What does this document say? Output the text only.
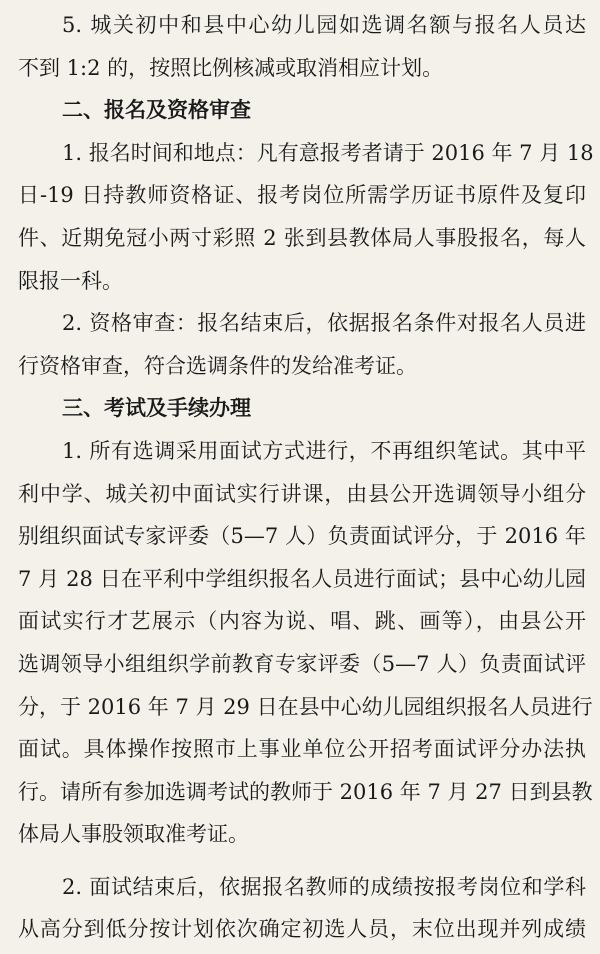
5. 城关初中和县中心幼儿园如选调名额与报名人员达
不到 1:2 的，按照比例核减或取消相应计划。
二、报名及资格审查
1. 报名时间和地点：凡有意报考者请于 2016 年 7 月 18
日-19 日持教师资格证、报考岗位所需学历证书原件及复印
件、近期免冠小两寸彩照 2 张到县教体局人事股报名，每人
限报一科。
2. 资格审查：报名结束后，依据报名条件对报名人员进
行资格审查，符合选调条件的发给准考证。
三、考试及手续办理
1. 所有选调采用面试方式进行，不再组织笔试。其中平
利中学、城关初中面试实行讲课，由县公开选调领导小组分
别组织面试专家评委（5—7 人）负责面试评分，于 2016 年
7 月 28 日在平利中学组织报名人员进行面试；县中心幼儿园
面试实行才艺展示（内容为说、唱、跳、画等），由县公开
选调领导小组组织学前教育专家评委（5—7 人）负责面试评
分，于 2016 年 7 月 29 日在县中心幼儿园组织报名人员进行
面试。具体操作按照市上事业单位公开招考面试评分办法执
行。请所有参加选调考试的教师于 2016 年 7 月 27 日到县教
体局人事股领取准考证。
2. 面试结束后，依据报名教师的成绩按报考岗位和学科
从高分到低分按计划依次确定初选人员，末位出现并列成绩
